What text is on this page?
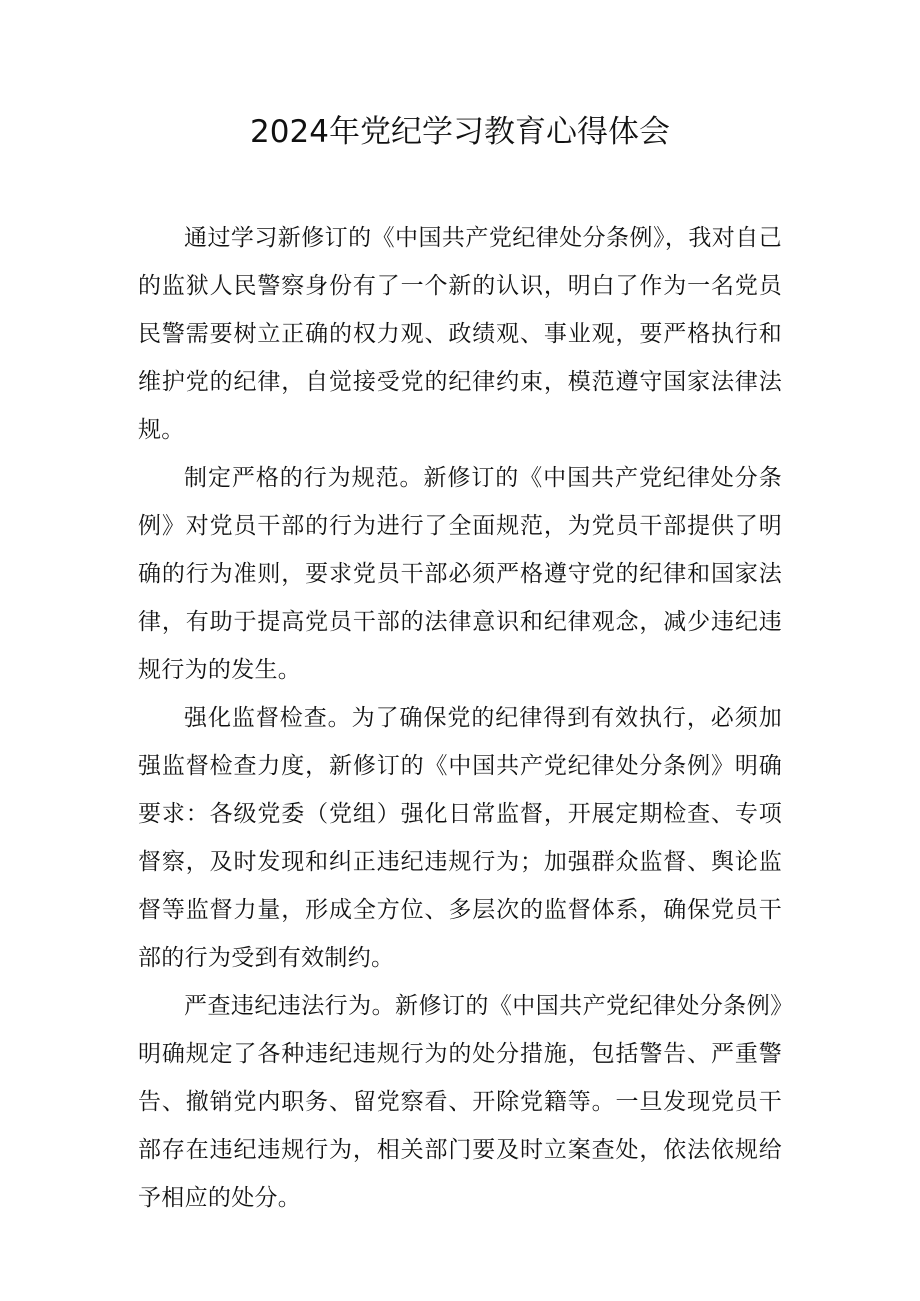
2024年党纪学习教育心得体会

通过学习新修订的《中国共产党纪律处分条例》，我对自己的监狱人民警察身份有了一个新的认识，明白了作为一名党员民警需要树立正确的权力观、政绩观、事业观，要严格执行和维护党的纪律，自觉接受党的纪律约束，模范遵守国家法律法规。

制定严格的行为规范。新修订的《中国共产党纪律处分条例》对党员干部的行为进行了全面规范，为党员干部提供了明确的行为准则，要求党员干部必须严格遵守党的纪律和国家法律，有助于提高党员干部的法律意识和纪律观念，减少违纪违规行为的发生。

强化监督检查。为了确保党的纪律得到有效执行，必须加强监督检查力度，新修订的《中国共产党纪律处分条例》明确要求：各级党委（党组）强化日常监督，开展定期检查、专项督察，及时发现和纠正违纪违规行为；加强群众监督、舆论监督等监督力量，形成全方位、多层次的监督体系，确保党员干部的行为受到有效制约。

严查违纪违法行为。新修订的《中国共产党纪律处分条例》明确规定了各种违纪违规行为的处分措施，包括警告、严重警告、撤销党内职务、留党察看、开除党籍等。一旦发现党员干部存在违纪违规行为，相关部门要及时立案查处，依法依规给予相应的处分。
